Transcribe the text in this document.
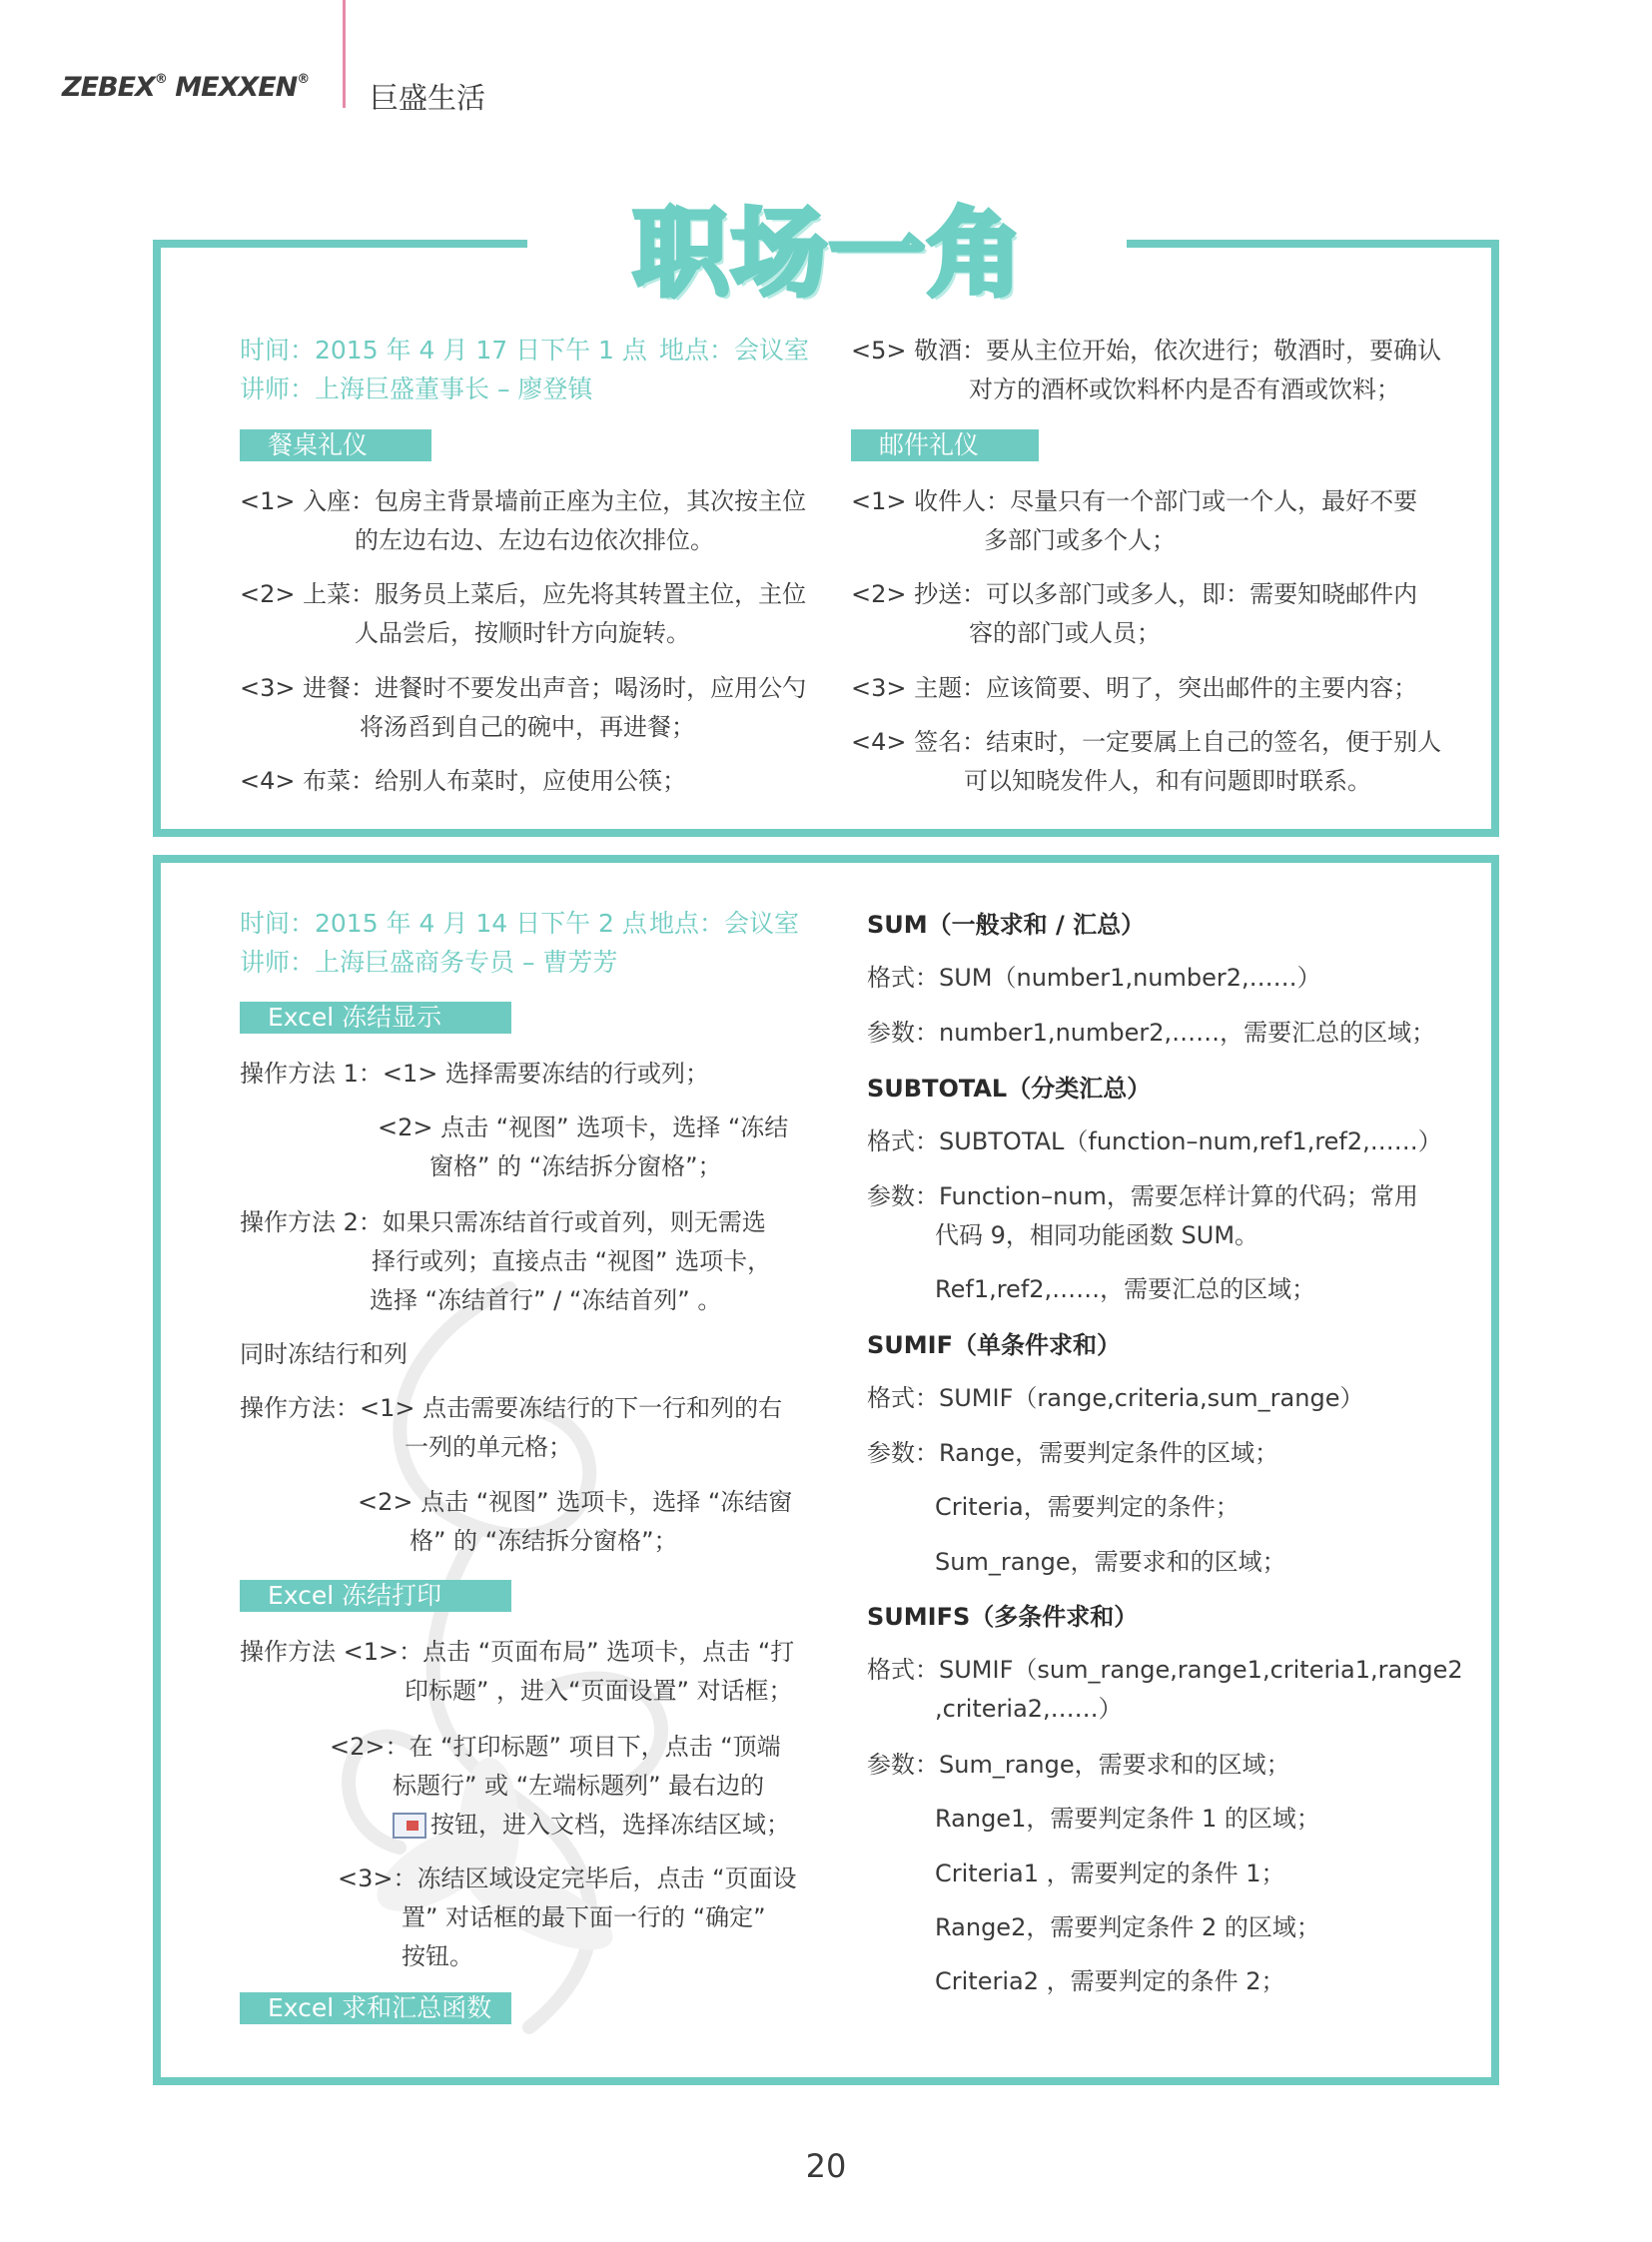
ZEBEX® MEXXEN®
巨盛生活
职场一角
时间：2015 年 4 月 17 日下午 1 点 地点：会议室
讲师：上海巨盛董事长 – 廖登镇
餐桌礼仪
<1> 入座：包房主背景墙前正座为主位，其次按主位
的左边右边、左边右边依次排位。
<2> 上菜：服务员上菜后，应先将其转置主位，主位
人品尝后，按顺时针方向旋转。
<3> 进餐：进餐时不要发出声音；喝汤时，应用公勺
将汤舀到自己的碗中，再进餐；
<4> 布菜：给别人布菜时，应使用公筷；
<5> 敬酒：要从主位开始，依次进行；敬酒时，要确认
对方的酒杯或饮料杯内是否有酒或饮料；
邮件礼仪
<1> 收件人：尽量只有一个部门或一个人，最好不要
多部门或多个人；
<2> 抄送：可以多部门或多人，即：需要知晓邮件内
容的部门或人员；
<3> 主题：应该简要、明了，突出邮件的主要内容；
<4> 签名：结束时，一定要属上自己的签名，便于别人
可以知晓发件人，和有问题即时联系。
时间：2015 年 4 月 14 日下午 2 点 地点：会议室
讲师：上海巨盛商务专员 – 曹芳芳
Excel 冻结显示
操作方法 1：<1> 选择需要冻结的行或列；
<2> 点击 “视图” 选项卡，选择 “冻结
窗格” 的 “冻结拆分窗格”；
操作方法 2：如果只需冻结首行或首列，则无需选
择行或列；直接点击 “视图” 选项卡，
选择 “冻结首行” / “冻结首列” 。
同时冻结行和列
操作方法：<1> 点击需要冻结行的下一行和列的右
一列的单元格；
<2> 点击 “视图” 选项卡，选择 “冻结窗
格” 的 “冻结拆分窗格”；
Excel 冻结打印
操作方法 <1>：点击 “页面布局” 选项卡，点击 “打
印标题” ，进入“页面设置” 对话框；
<2>：在 “打印标题” 项目下，点击 “顶端
标题行” 或 “左端标题列” 最右边的
按钮，进入文档，选择冻结区域；
<3>：冻结区域设定完毕后，点击 “页面设
置” 对话框的最下面一行的 “确定”
按钮。
Excel 求和汇总函数
SUM（一般求和 / 汇总）
格式：SUM（number1,number2,……）
参数：number1,number2,……，需要汇总的区域；
SUBTOTAL（分类汇总）
格式：SUBTOTAL（function–num,ref1,ref2,……）
参数：Function–num，需要怎样计算的代码；常用
代码 9，相同功能函数 SUM。
Ref1,ref2,……，需要汇总的区域；
SUMIF（单条件求和）
格式：SUMIF（range,criteria,sum_range）
参数：Range，需要判定条件的区域；
Criteria，需要判定的条件；
Sum_range，需要求和的区域；
SUMIFS（多条件求和）
格式：SUMIF（sum_range,range1,criteria1,range2
,criteria2,……）
参数：Sum_range，需要求和的区域；
Range1，需要判定条件 1 的区域；
Criteria1 ，需要判定的条件 1；
Range2，需要判定条件 2 的区域；
Criteria2 ，需要判定的条件 2；
20
